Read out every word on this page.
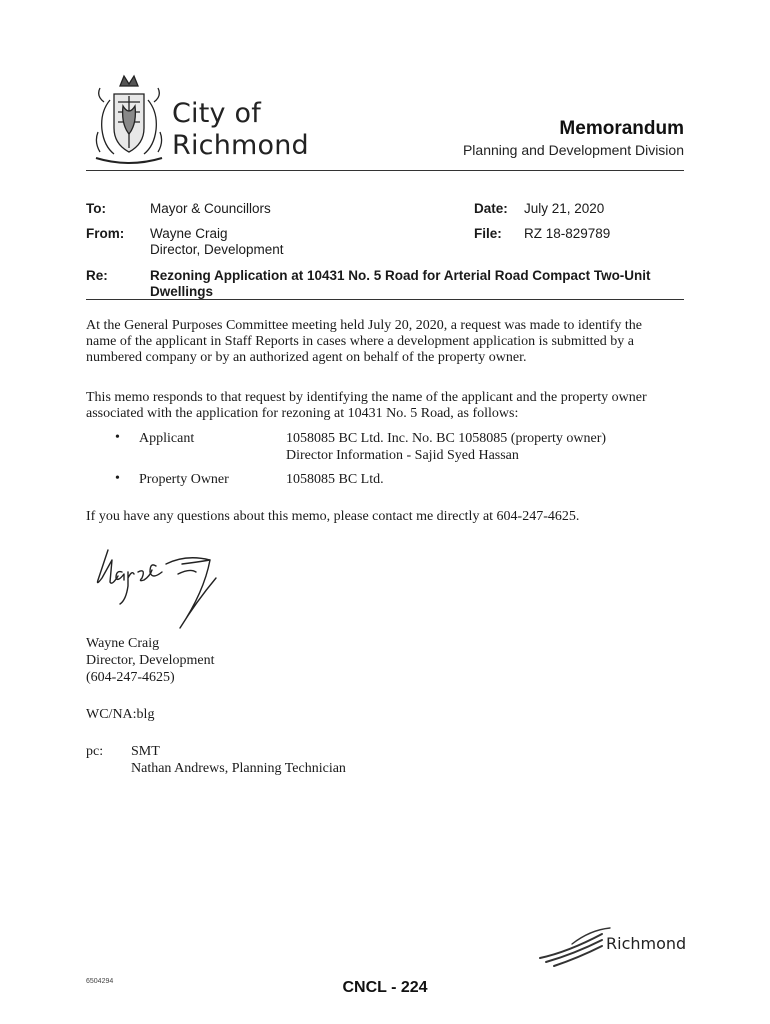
City of
Richmond
Memorandum
Planning and Development Division
To:	Mayor & Councillors
From: Wayne Craig
Director, Development
Date: July 21, 2020
File: RZ 18-829789
Re:	Rezoning Application at 10431 No. 5 Road for Arterial Road Compact Two-Unit
Dwellings
At the General Purposes Committee meeting held July 20, 2020, a request was made to identify the
name of the applicant in Staff Reports in cases where a development application is submitted by a
numbered company or by an authorized agent on behalf of the property owner.
This memo responds to that request by identifying the name of the applicant and the property owner
associated with the application for rezoning at 10431 No. 5 Road, as follows:
• Applicant	1058085 BC Ltd. Inc. No. BC 1058085 (property owner)
Director Information - Sajid Syed Hassan
• Property Owner	1058085 BC Ltd.
If you have any questions about this memo, please contact me directly at 604-247-4625.
Wayne Craig
Director, Development
(604-247-4625)
WC/NA:blg
pc: SMT
Nathan Andrews, Planning Technician
Richmond
6504294	CNCL - 224
